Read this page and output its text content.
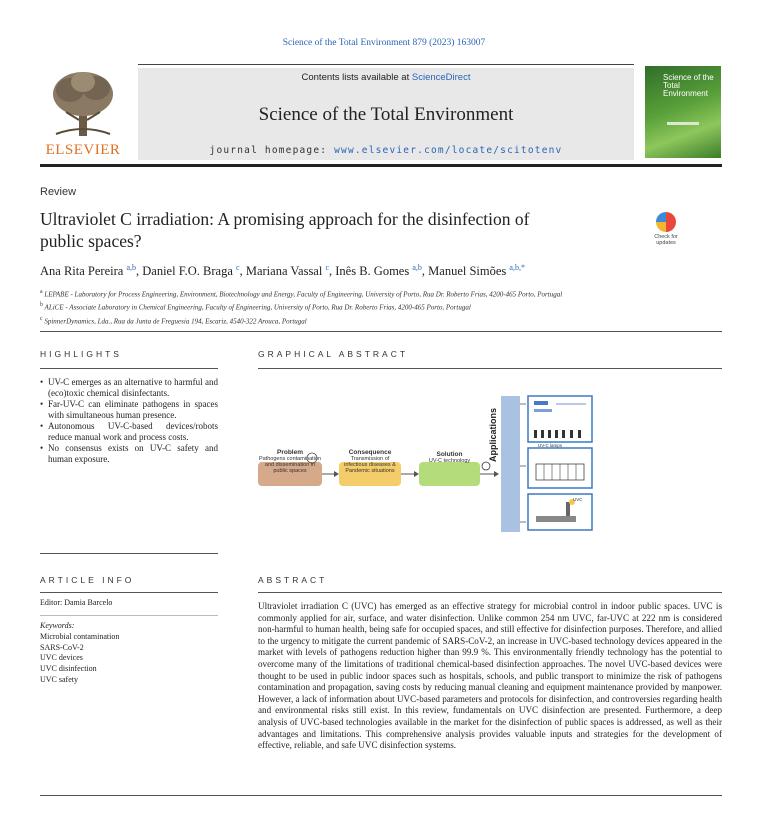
Science of the Total Environment 879 (2023) 163007
ELSEVIER
Contents lists available at ScienceDirect
Science of the Total Environment
journal homepage: www.elsevier.com/locate/scitotenv
Science of the
Total Environment
Review
Ultraviolet C irradiation: A promising approach for the disinfection of
public spaces?	Check for
updates
Ana Rita Pereira $^{a,b}$, Daniel F.O. Braga $^c$, Mariana Vassal $^c$, Inês B. Gomes $^{a,b}$, Manuel Simões $^{a,b,*}$
$^a$ LEPABE - Laboratory for Process Engineering, Environment, Biotechnology and Energy, Faculty of Engineering, University of Porto, Rua Dr. Roberto Frias, 4200-465 Porto, Portugal
$^b$ ALiCE - Associate Laboratory in Chemical Engineering, Faculty of Engineering, University of Porto, Rua Dr. Roberto Frias, 4200-465 Porto, Portugal
$^c$ SpinnerDynamics, Lda., Rua da Junta de Freguesia 194, Escariz, 4540-322 Arouca, Portugal
HIGHLIGHTS
• UV-C emerges as an alternative to harmful and (eco)toxic chemical disinfectants.
• Far-UV-C can eliminate pathogens in spaces with simultaneous human presence.
• Autonomous UV-C-based devices/robots reduce manual work and process costs.
• No consensus exists on UV-C safety and human exposure.
GRAPHICAL ABSTRACT
Problem
Pathogens contamination and dissemination in public spaces
Consequence
Transmission of infectious diseases & Pandemic situations
Solution
UV-C technology	Applications	UV-C lamps
UVC
ARTICLE INFO
Editor: Damia Barcelo
Keywords:
Microbial contamination
SARS-CoV-2
UVC devices
UVC disinfection
UVC safety
ABSTRACT
Ultraviolet irradiation C (UVC) has emerged as an effective strategy for microbial control in indoor public spaces. UVC is commonly applied for air, surface, and water disinfection. Unlike common 254 nm UVC, far-UVC at 222 nm is considered non-harmful to human health, being safe for occupied spaces, and still effective for disinfection purposes. Therefore, and allied to the urgency to mitigate the current pandemic of SARS-CoV-2, an increase in UVC-based technology devices appeared in the market with levels of pathogens reduction higher than 99.9 %. This environmentally friendly technology has the potential to overcome many of the limitations of traditional chemical-based disinfection approaches. The novel UVC-based devices were thought to be used in public indoor spaces such as hospitals, schools, and public transport to minimize the risk of pathogens contamination and propagation, saving costs by reducing manual cleaning and equipment maintenance provided by manpower. However, a lack of information about UVC-based parameters and protocols for disinfection, and controversies regarding health and environmental risks still exist. In this review, fundamentals on UVC disinfection are presented. Furthermore, a deep analysis of UVC-based technologies available in the market for the disinfection of public spaces is addressed, as well as their advantages and limitations. This comprehensive analysis provides valuable inputs and strategies for the development of effective, reliable, and safe UVC disinfection systems.
